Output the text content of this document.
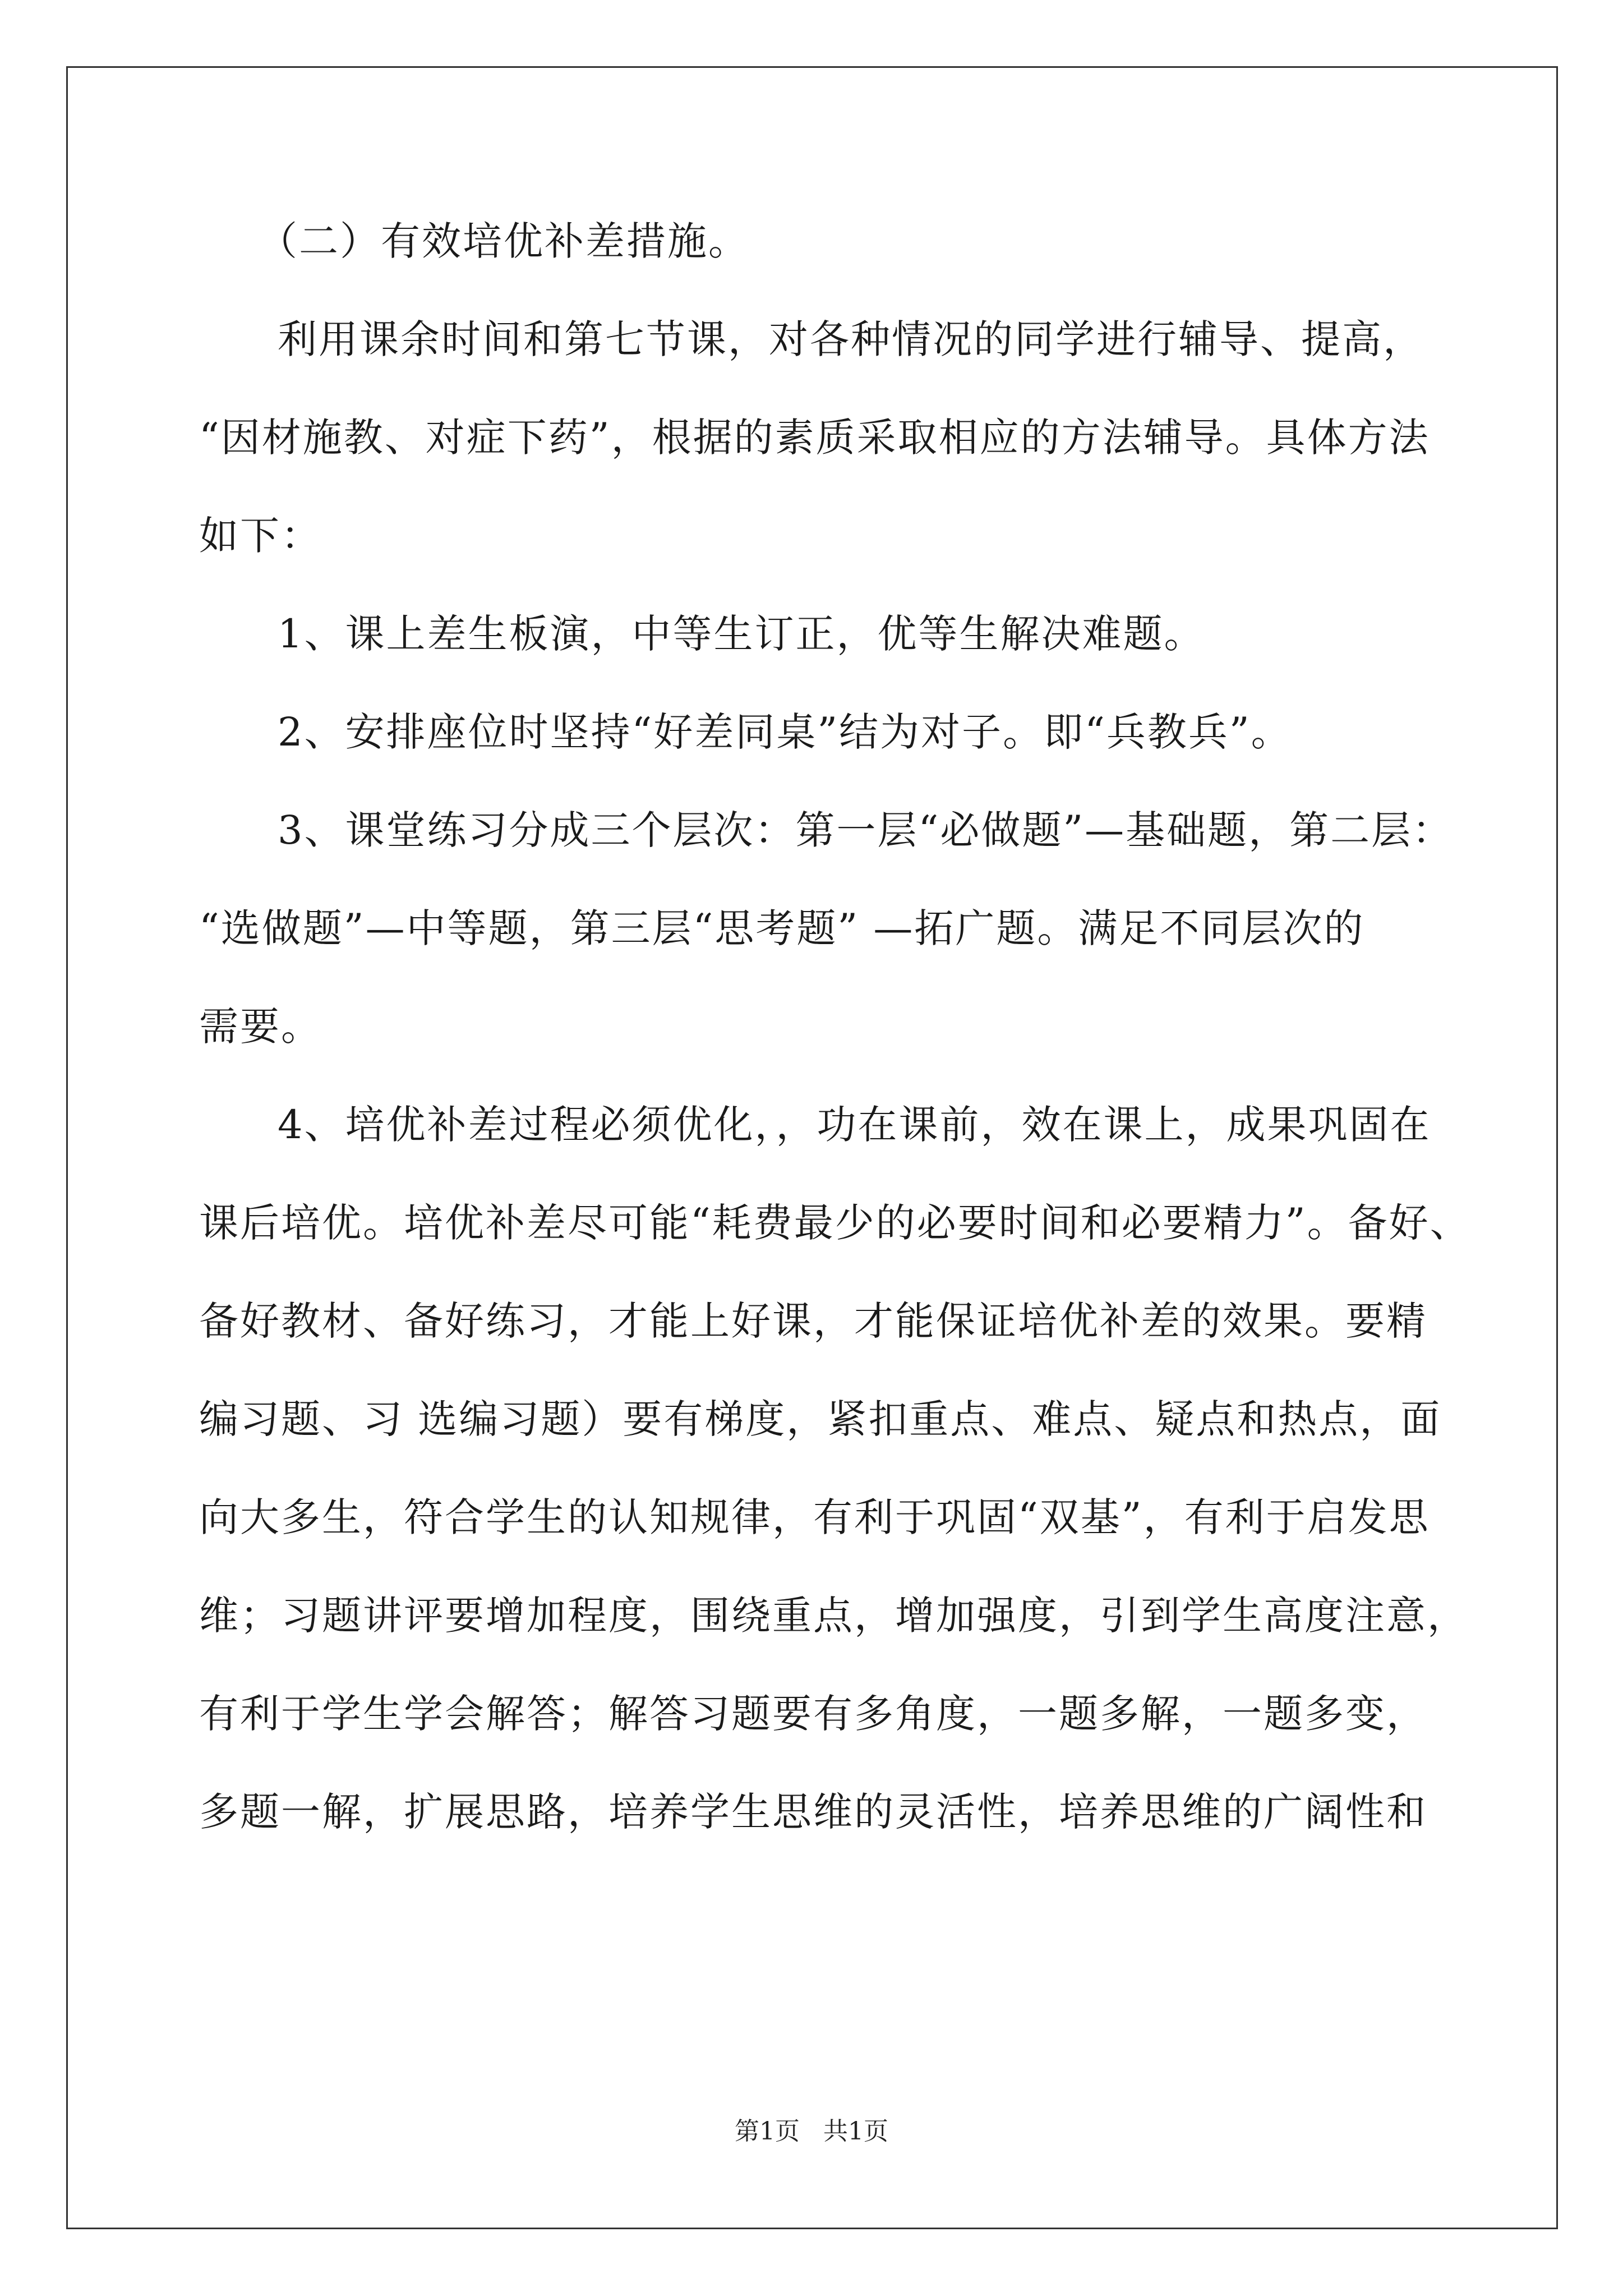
（二）有效培优补差措施。
利用课余时间和第七节课，对各种情况的同学进行辅导、提高，
“因材施教、对症下药”，根据的素质采取相应的方法辅导。具体方法
如下：
1、课上差生板演，中等生订正，优等生解决难题。
2、安排座位时坚持“好差同桌”结为对子。即“兵教兵”。
3、课堂练习分成三个层次：第一层“必做题”—基础题，第二层：
“选做题”—中等题，第三层“思考题” —拓广题。满足不同层次的
需要。
4、培优补差过程必须优化，，功在课前，效在课上，成果巩固在
课后培优。培优补差尽可能“耗费最少的必要时间和必要精力”。备好、
备好教材、备好练习，才能上好课，才能保证培优补差的效果。要精
编习题、习 选编习题）要有梯度，紧扣重点、难点、疑点和热点，面
向大多生，符合学生的认知规律，有利于巩固“双基”，有利于启发思
维；习题讲评要增加程度，围绕重点，增加强度，引到学生高度注意，
有利于学生学会解答；解答习题要有多角度，一题多解，一题多变，
多题一解，扩展思路，培养学生思维的灵活性，培养思维的广阔性和
第1页   共1页
